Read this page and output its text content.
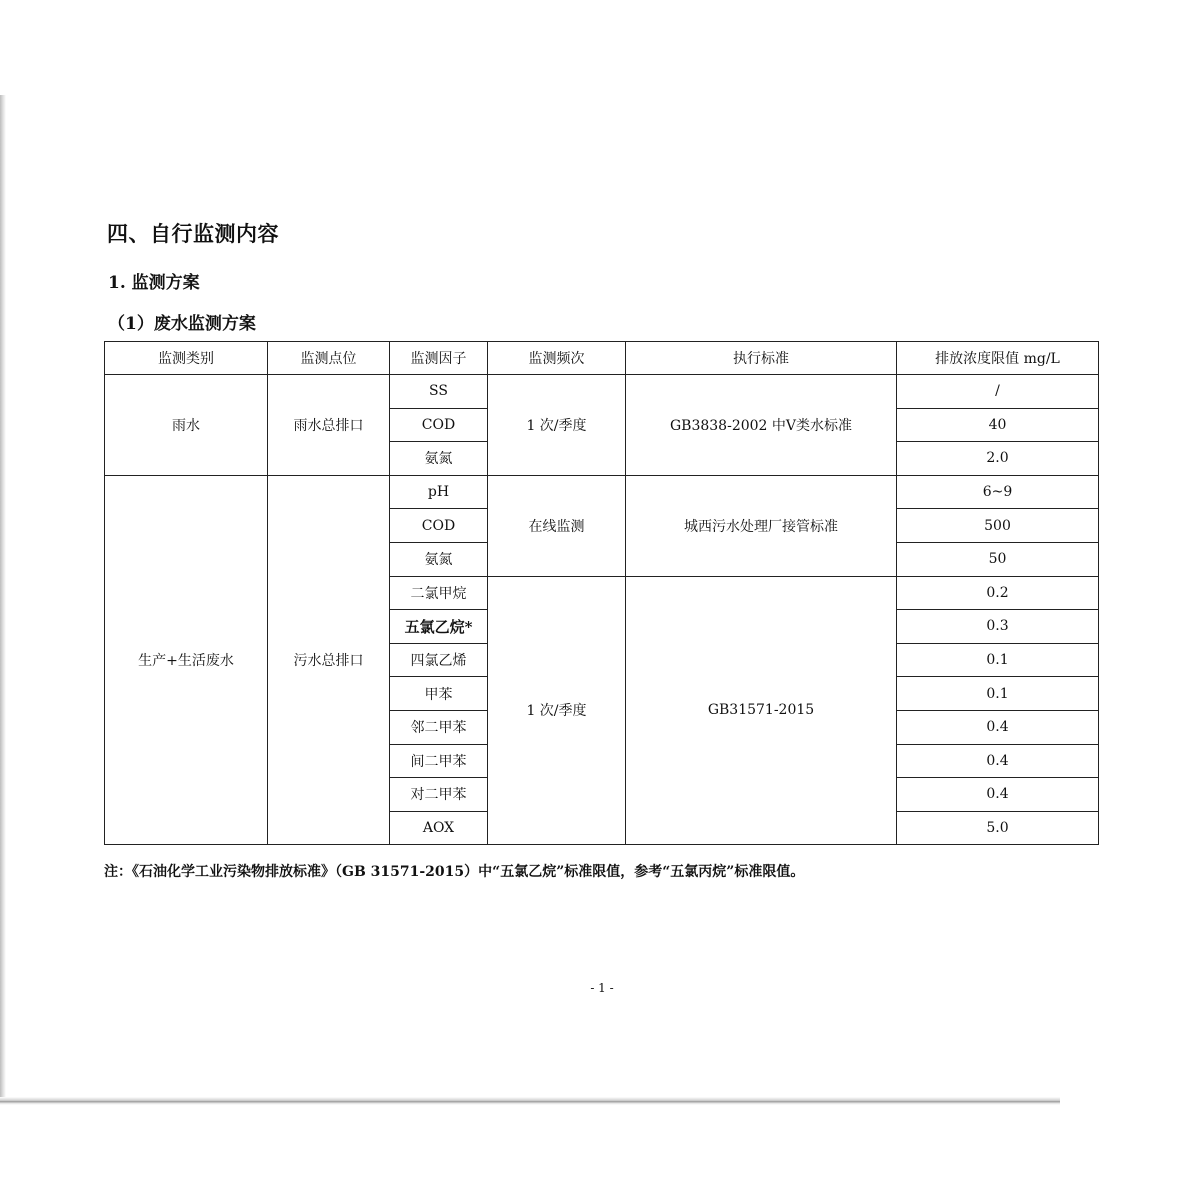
四、自行监测内容
1. 监测方案
（1）废水监测方案
监测类别	监测点位	监测因子	监测频次	执行标准	排放浓度限值 mg/L
雨水	雨水总排口	SS	1 次/季度	GB3838-2002 中Ⅴ类水标准	/
		COD			40
		氨氮			2.0
生产+生活废水	污水总排口	pH	在线监测	城西污水处理厂接管标准	6~9
		COD			500
		氨氮			50
		二氯甲烷	1 次/季度	GB31571-2015	0.2
		五氯乙烷*			0.3
		四氯乙烯			0.1
		甲苯			0.1
		邻二甲苯			0.4
		间二甲苯			0.4
		对二甲苯			0.4
		AOX			5.0
注：《石油化学工业污染物排放标准》（GB 31571-2015）中“五氯乙烷”标准限值，参考“五氯丙烷”标准限值。
- 1 -
